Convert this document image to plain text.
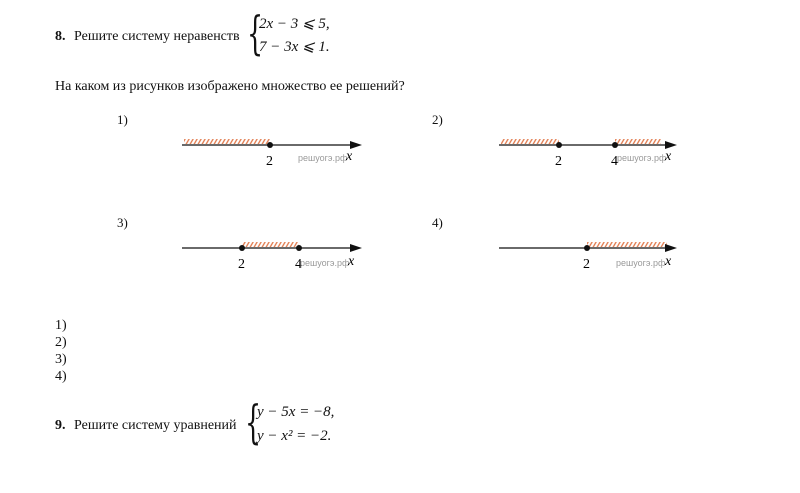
8. Решите систему неравенств {
2x − 3 ⩽ 5,
7 − 3x ⩽ 1.
На каком из рисунков изображено множество ее решений?
1)
2	решуогэ.рф
x
2)
2	4 решуогэ.рф
x
3)
2	4
решуогэ.рф
x
4)
2	решуогэ.рф x
1)
2)
3)
4)
9. Решите систему уравнений {
y − 5x = −8,
y − x² = −2.
